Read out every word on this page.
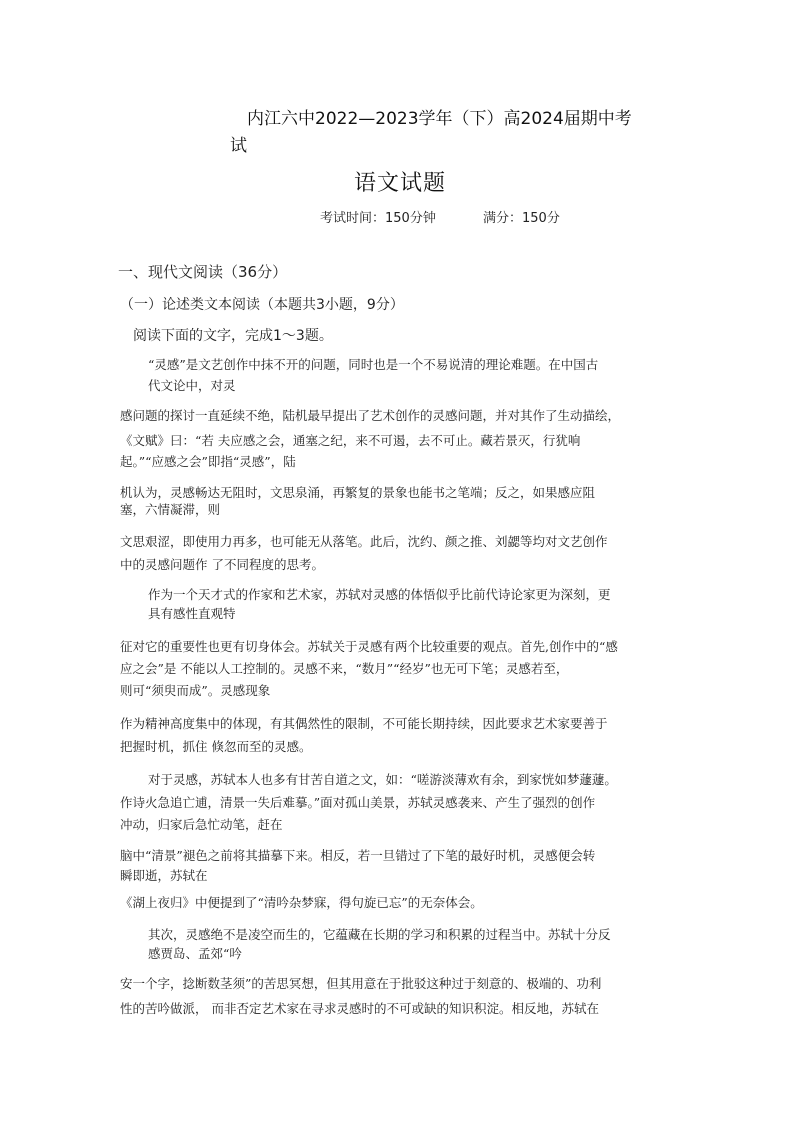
内江六中2022—2023学年（下）高2024届期中考
试
语文试题
考试时间：150分钟	满分：150分
一、现代文阅读（36分）
（一）论述类文本阅读（本题共3小题，9分）
阅读下面的文字，完成1～3题。
“灵感”是文艺创作中抹不开的问题，同时也是一个不易说清的理论难题。在中国古
代文论中，对灵
感问题的探讨一直延续不绝，陆机最早提出了艺术创作的灵感问题，并对其作了生动描绘，
《文赋》曰：“若 夫应感之会，通塞之纪，来不可遏，去不可止。藏若景灭，行犹响
起。”“应感之会”即指“灵感”，陆
机认为，灵感畅达无阻时，文思泉涌，再繁复的景象也能书之笔端；反之，如果感应阻
塞，六情凝滞，则
文思艰涩，即使用力再多，也可能无从落笔。此后，沈约、颜之推、刘勰等均对文艺创作
中的灵感问题作 了不同程度的思考。
作为一个天才式的作家和艺术家，苏轼对灵感的体悟似乎比前代诗论家更为深刻，更
具有感性直观特
征对它的重要性也更有切身体会。苏轼关于灵感有两个比较重要的观点。首先,创作中的“感
应之会”是 不能以人工控制的。灵感不来，“数月”“经岁”也无可下笔；灵感若至，
则可“须臾而成”。灵感现象
作为精神高度集中的体现，有其偶然性的限制，不可能长期持续，因此要求艺术家要善于
把握时机，抓住 倏忽而至的灵感。
对于灵感，苏轼本人也多有甘苦自道之文，如：“嗟游淡薄欢有余，到家恍如梦蘧蘧。
作诗火急追亡逋，清景一失后难摹。”面对孤山美景，苏轼灵感袭来、产生了强烈的创作
冲动，归家后急忙动笔，赶在
脑中“清景”褪色之前将其描摹下来。相反，若一旦错过了下笔的最好时机，灵感便会转
瞬即逝，苏轼在
《湖上夜归》中便提到了“清吟杂梦寐，得句旋已忘”的无奈体会。
其次，灵感绝不是凌空而生的，它蕴藏在长期的学习和积累的过程当中。苏轼十分反
感贾岛、孟郊“吟
安一个字，捻断数茎须”的苦思冥想，但其用意在于批驳这种过于刻意的、极端的、功利
性的苦吟做派， 而非否定艺术家在寻求灵感时的不可或缺的知识积淀。相反地，苏轼在
